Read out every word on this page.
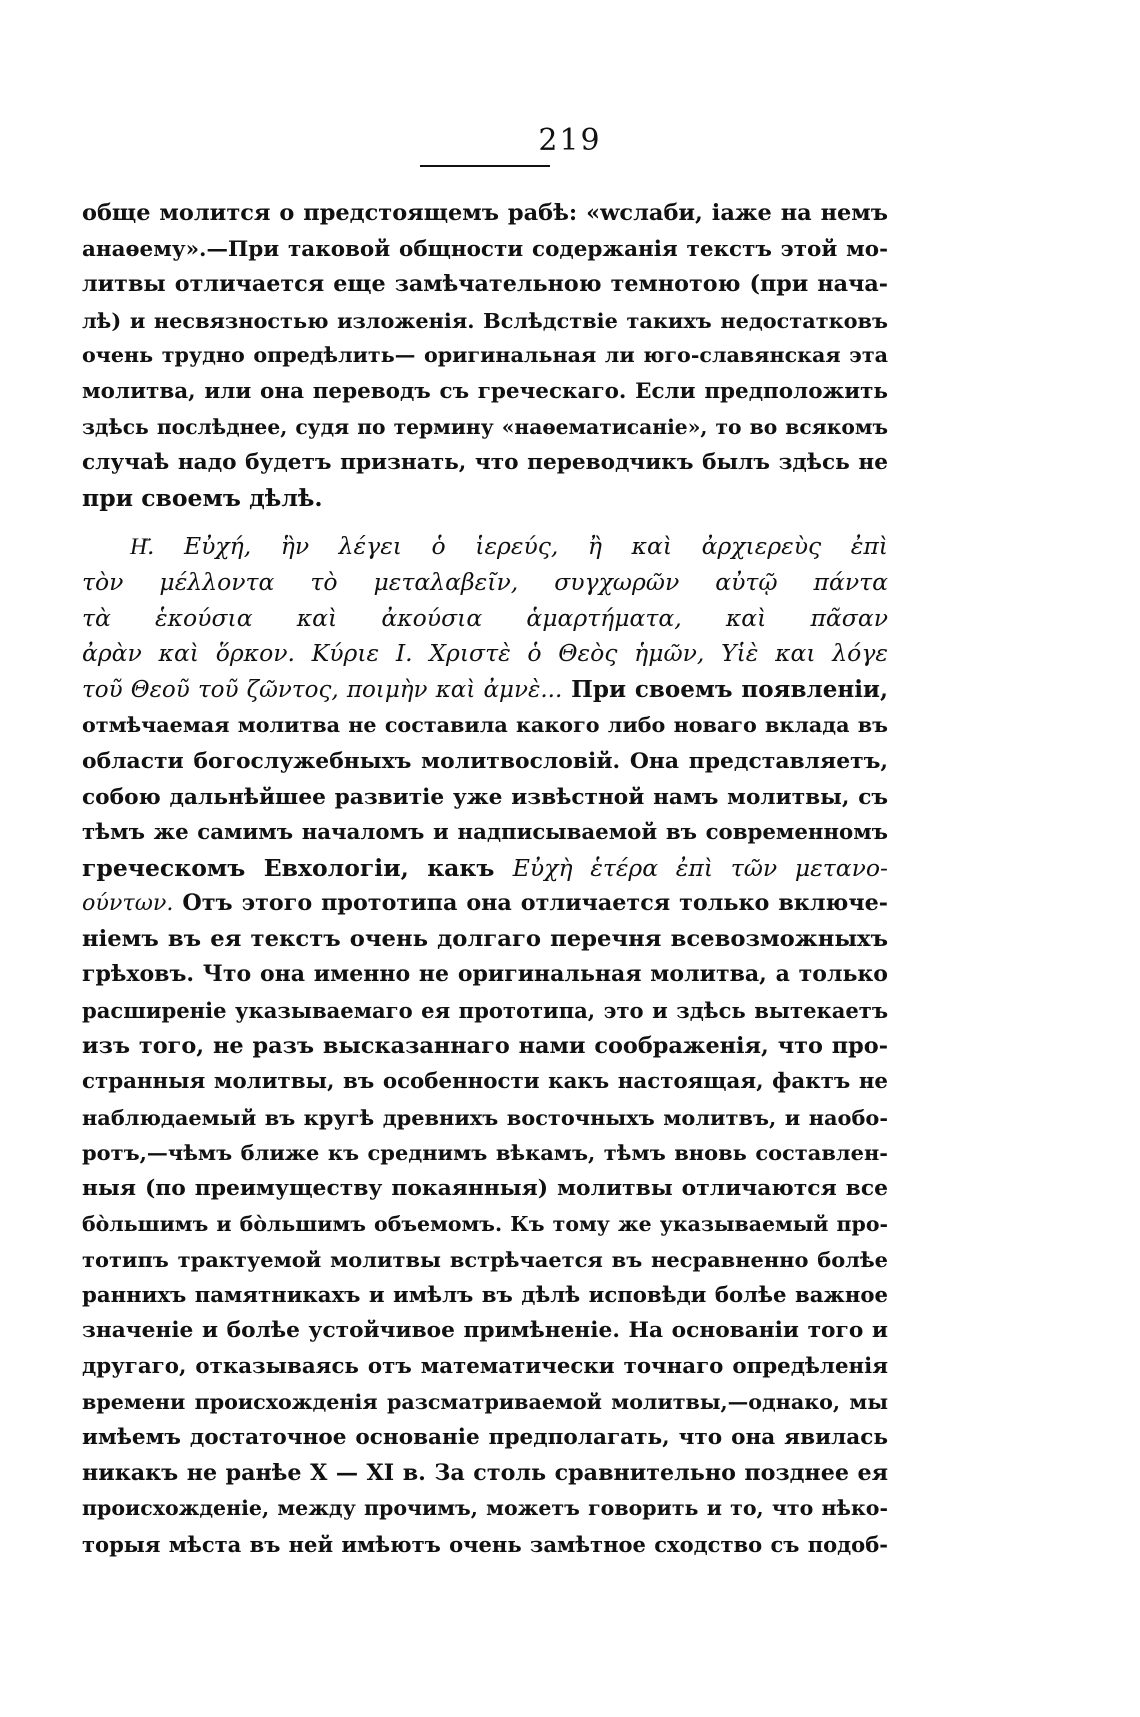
219

обще молится о предстоящемъ рабѣ: «wслаби, іаже на немъ
анаѳему».—При таковой общности содержанія текстъ этой мо-
литвы отличается еще замѣчательною темнотою (при нача-
лѣ) и несвязностью изложенія. Вслѣдствіе такихъ недостатковъ
очень трудно опредѣлить— оригинальная ли юго-славянская эта
молитва, или она переводъ съ греческаго. Если предположить
здѣсь послѣднее, судя по термину «наѳематисаніе», то во всякомъ
случаѣ надо будетъ признать, что переводчикъ былъ здѣсь не
при своемъ дѣлѣ.

Н҃. Εὐχή, ἣν λέγει ὁ ἱερεύς, ἢ καὶ ἀρχιερεὺς ἐπὶ
τὸν μέλλοντα τὸ μεταλαβεῖν, συγχωρῶν αὐτῷ πάντα
τὰ ἑκούσια καὶ ἀκούσια ἁμαρτήματα, καὶ πᾶσαν
ἀρὰν καὶ ὅρκον. Κύριε Ι. Χριστὲ ὁ Θεὸς ἡμῶν, Υἱὲ και λόγε
τοῦ Θεοῦ τοῦ ζῶντος, ποιμὴν καὶ ἀμνὲ... При своемъ появленіи,
отмѣчаемая молитва не составила какого либо новаго вклада въ
области богослужебныхъ молитвословій. Она представляетъ,
собою дальнѣйшее развитіе уже извѣстной намъ молитвы, съ
тѣмъ же самимъ началомъ и надписываемой въ современномъ
греческомъ Евхологіи, какъ Εὐχὴ ἑτέρα ἐπὶ τῶν μετανο-
ούντων. Отъ этого прототипа она отличается только включе-
ніемъ въ ея текстъ очень долгаго перечня всевозможныхъ
грѣховъ. Что она именно не оригинальная молитва, а только
расширеніе указываемаго ея прототипа, это и здѣсь вытекаетъ
изъ того, не разъ высказаннаго нами соображенія, что про-
странныя молитвы, въ особенности какъ настоящая, фактъ не
наблюдаемый въ кругѣ древнихъ восточныхъ молитвъ, и наобо-
ротъ,—чѣмъ ближе къ среднимъ вѣкамъ, тѣмъ вновь составлен-
ныя (по преимуществу покаянныя) молитвы отличаются все
бо̀льшимъ и бо̀льшимъ объемомъ. Къ тому же указываемый про-
тотипъ трактуемой молитвы встрѣчается въ несравненно болѣе
раннихъ памятникахъ и имѣлъ въ дѣлѣ исповѣди болѣе важное
значеніе и болѣе устойчивое примѣненіе. На основаніи того и
другаго, отказываясь отъ математически точнаго опредѣленія
времени происхожденія разсматриваемой молитвы,—однако, мы
имѣемъ достаточное основаніе предполагать, что она явилась
никакъ не ранѣе X — XI в. За столь сравнительно позднее ея
происхожденіе, между прочимъ, можетъ говорить и то, что нѣко-
торыя мѣста въ ней имѣютъ очень замѣтное сходство съ подоб-
